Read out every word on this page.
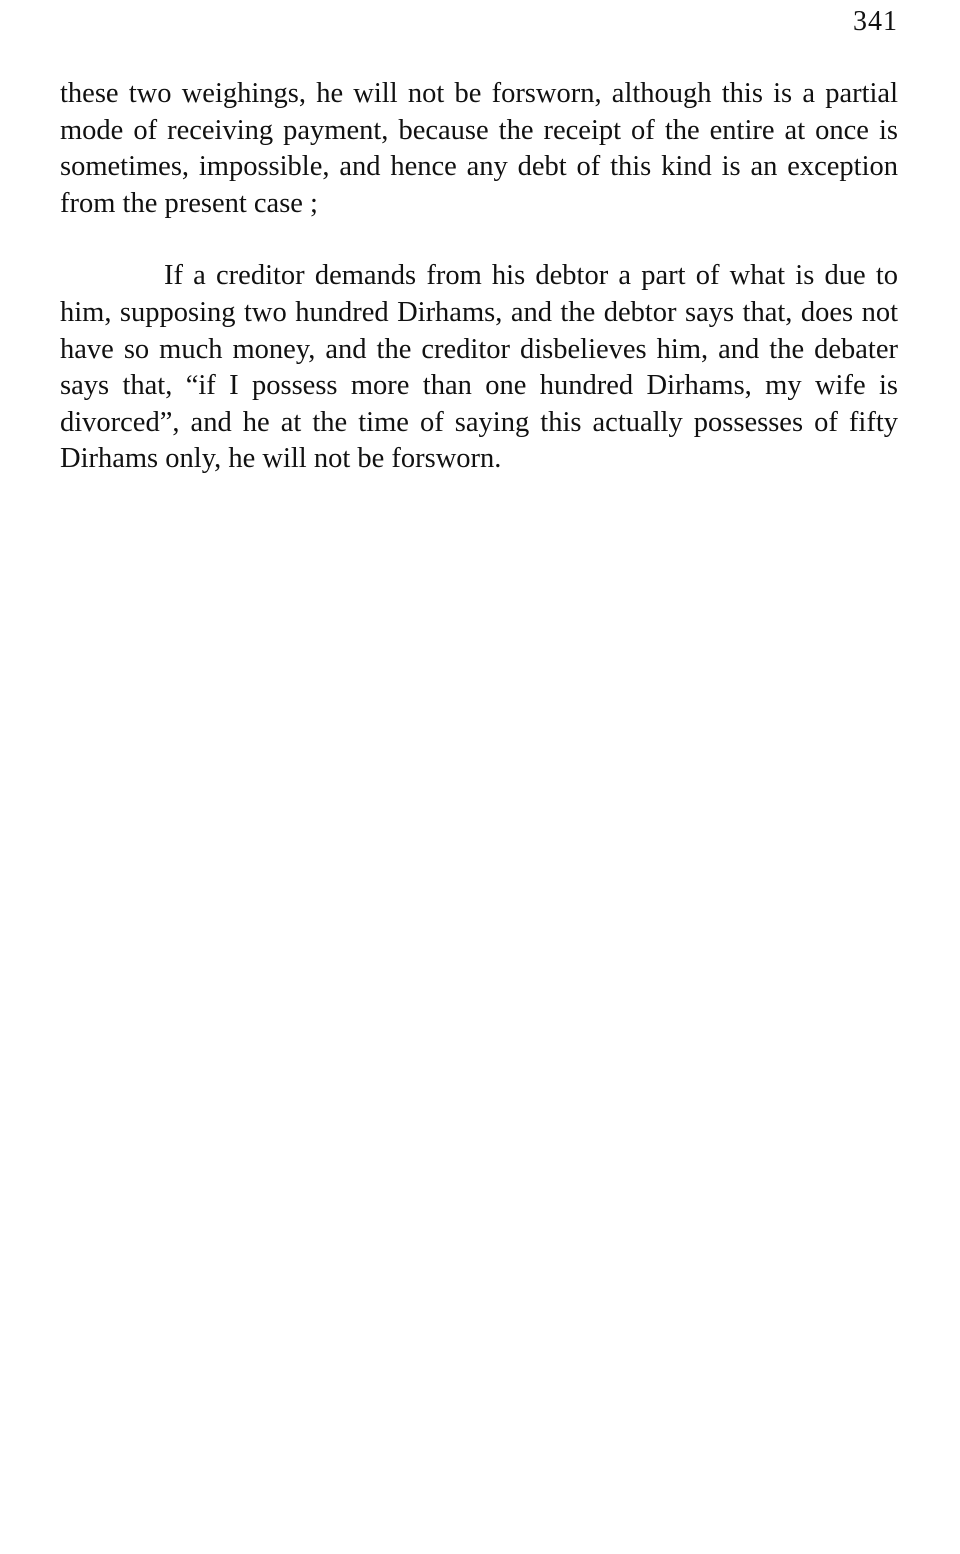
341

these two weighings, he will not be forsworn, although this is a partial mode of receiving payment, because the receipt of the entire at once is sometimes, impossible, and hence any debt of this kind is an exception from the present case ;

If a creditor demands from his debtor a part of what is due to him, supposing two hundred Dirhams, and the debtor says that, does not have so much money, and the creditor disbelieves him, and the debater says that, “if I possess more than one hundred Dirhams, my wife is divorced”, and he at the time of saying this actually possesses of fifty Dirhams only, he will not be forsworn.
